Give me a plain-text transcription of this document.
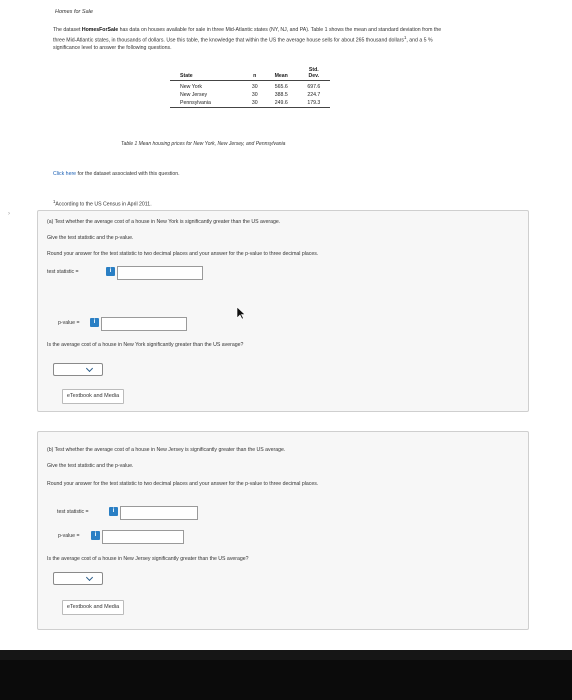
Homes for Sale
The dataset HomesForSale has data on houses available for sale in three Mid-Atlantic states (NY, NJ, and PA). Table 1 shows the mean and standard deviation from the three Mid-Atlantic states, in thousands of dollars. Use this table, the knowledge that within the US the average house sells for about 265 thousand dollars$^1$, and a 5 % significance level to answer the following questions.
State	n	Mean	Std.
Dev.

New York	30	565.6	697.6
New Jersey	30	388.5	224.7
Pennsylvania	30	249.6	179.3

Table 1 Mean housing prices for New York, New Jersey, and Pennsylvania
Click here for the dataset associated with this question.
$^1$According to the US Census in April 2011.
›
(a) Test whether the average cost of a house in New York is significantly greater than the US average.
Give the test statistic and the p-value.
Round your answer for the test statistic to two decimal places and your answer for the p-value to three decimal places.
test statistic =	i
p-value =	i
Is the average cost of a house in New York significantly greater than the US average?
eTextbook and Media
(b) Test whether the average cost of a house in New Jersey is significantly greater than the US average.
Give the test statistic and the p-value.
Round your answer for the test statistic to two decimal places and your answer for the p-value to three decimal places.
test statistic =	i
p-value =	i
Is the average cost of a house in New Jersey significantly greater than the US average?
eTextbook and Media
